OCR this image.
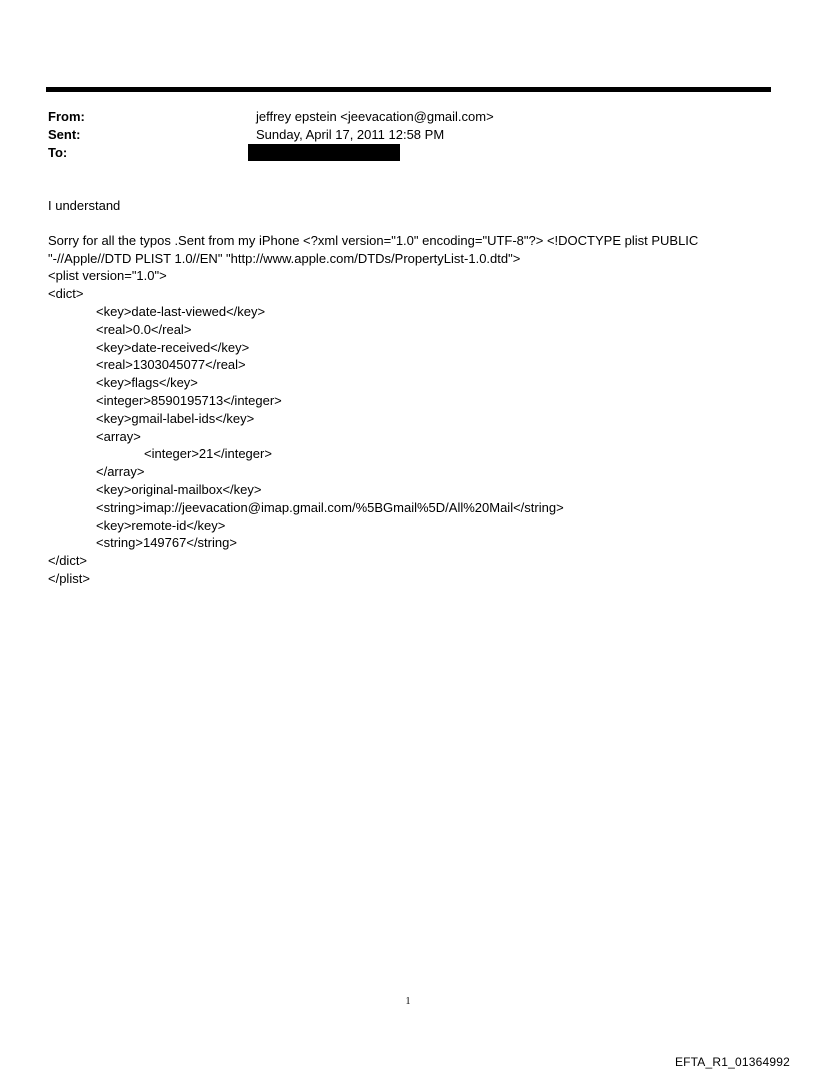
From:	jeffrey epstein <jeevacation@gmail.com>
Sent:	Sunday, April 17, 2011 12:58 PM
To:

I understand

Sorry for all the typos .Sent from my iPhone <?xml version="1.0" encoding="UTF-8"?> <!DOCTYPE plist PUBLIC "-//Apple//DTD PLIST 1.0//EN" "http://www.apple.com/DTDs/PropertyList-1.0.dtd">

<plist version="1.0">

<dict>

<key>date-last-viewed</key>

<real>0.0</real>

<key>date-received</key>

<real>1303045077</real>

<key>flags</key>

<integer>8590195713</integer>

<key>gmail-label-ids</key>

<array>

<integer>21</integer>

</array>

<key>original-mailbox</key>

<string>imap://jeevacation@imap.gmail.com/%5BGmail%5D/All%20Mail</string>

<key>remote-id</key>

<string>149767</string>

</dict>

</plist>

1
EFTA_R1_01364992
